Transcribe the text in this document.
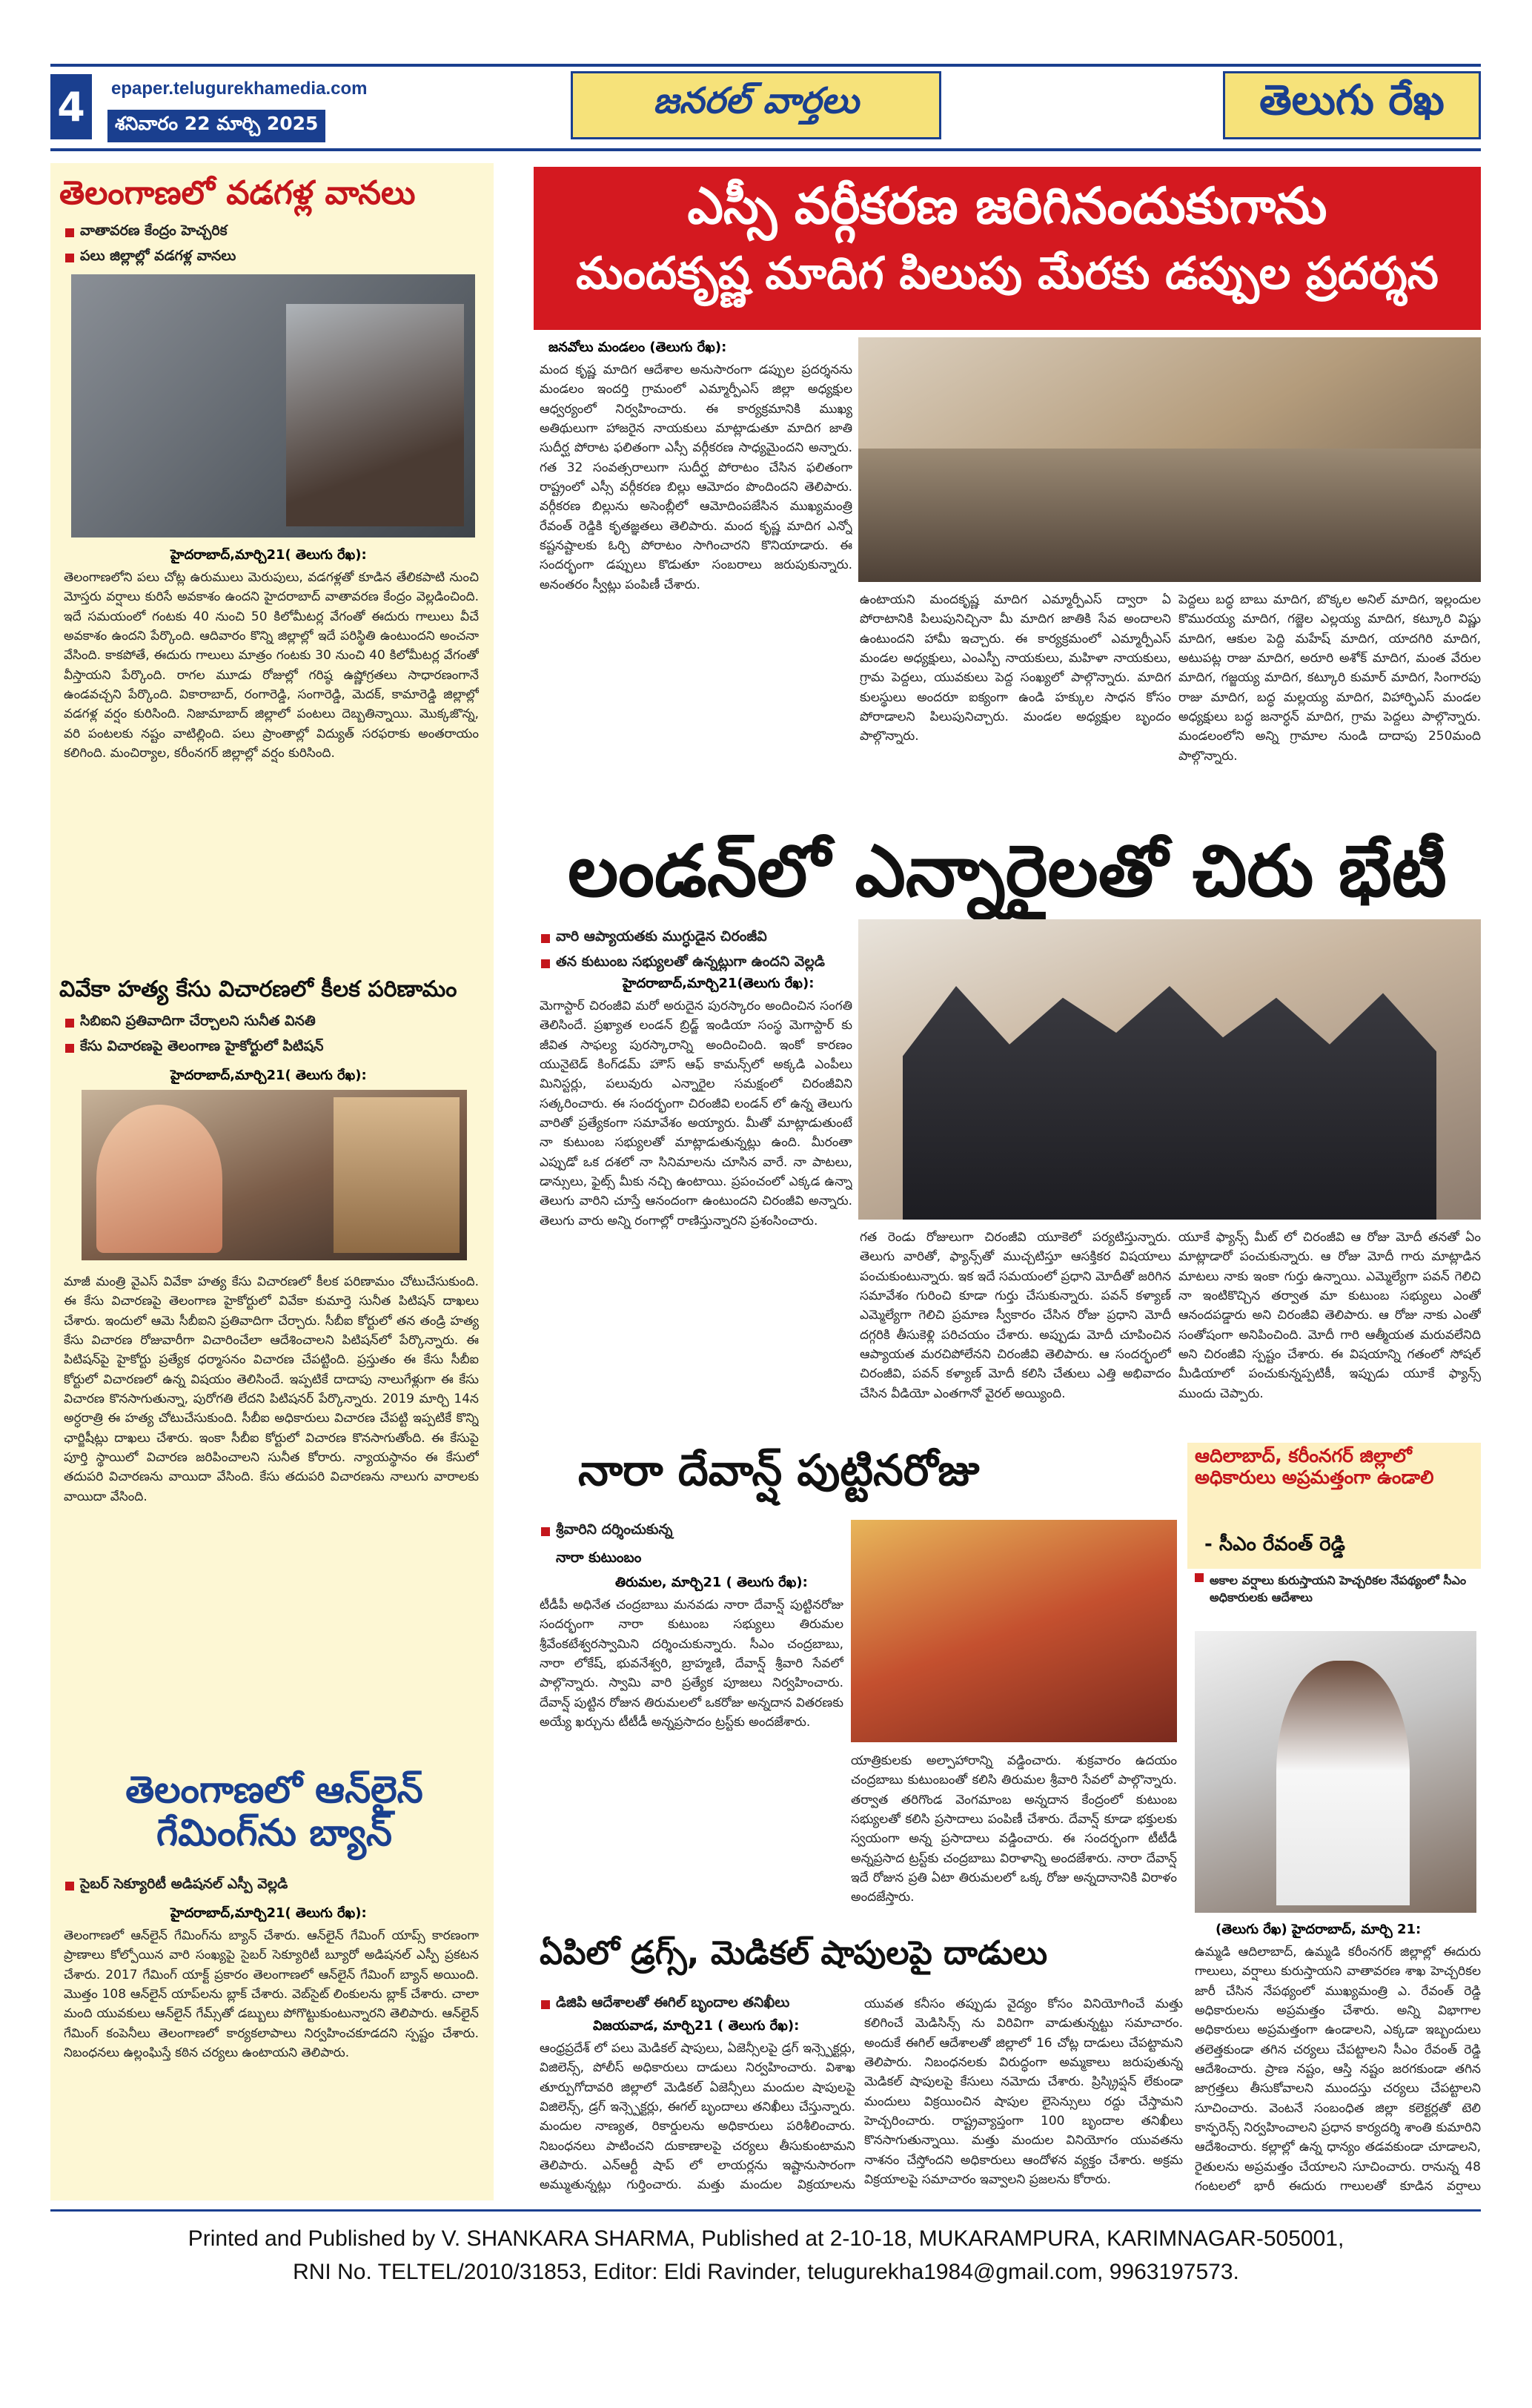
4	epaper.telugurekhamedia.com
శనివారం 22 మార్చి 2025
జనరల్ వార్తలు	తెలుగు రేఖ
తెలంగాణలో వడగళ్ల వానలు
వాతావరణ కేంద్రం హెచ్చరిక
పలు జిల్లాల్లో వడగళ్ల వానలు
హైదరాబాద్,మార్చి21( తెలుగు రేఖ):
తెలంగాణలోని పలు చోట్ల ఉరుములు మెరుపులు, వడగళ్లతో కూడిన తేలికపాటి నుంచి మోస్తరు వర్షాలు కురిసే అవకాశం ఉందని హైదరాబాద్ వాతావరణ కేంద్రం వెల్లడించింది. ఇదే సమయంలో గంటకు 40 నుంచి 50 కిలోమీటర్ల వేగంతో ఈదురు గాలులు వీచే అవకాశం ఉందని పేర్కొంది. ఆదివారం కొన్ని జిల్లాల్లో ఇదే పరిస్థితి ఉంటుందని అంచనా వేసింది. కాకపోతే, ఈదురు గాలులు మాత్రం గంటకు 30 నుంచి 40 కిలోమీటర్ల వేగంతో వీస్తాయని పేర్కొంది. రాగల మూడు రోజుల్లో గరిష్ఠ ఉష్ణోగ్రతలు సాధారణంగానే ఉండవచ్చని పేర్కొంది. వికారాబాద్, రంగారెడ్డి, సంగారెడ్డి, మెదక్, కామారెడ్డి జిల్లాల్లో వడగళ్ల వర్షం కురిసింది. నిజామాబాద్ జిల్లాలో పంటలు దెబ్బతిన్నాయి. మొక్కజొన్న, వరి పంటలకు నష్టం వాటిల్లింది. పలు ప్రాంతాల్లో విద్యుత్ సరఫరాకు అంతరాయం కలిగింది. మంచిర్యాల, కరీంనగర్ జిల్లాల్లో వర్షం కురిసింది.
వివేకా హత్య కేసు విచారణలో కీలక పరిణామం
సిబిఐని ప్రతివాదిగా చేర్చాలని సునీత వినతి
కేసు విచారణపై తెలంగాణ హైకోర్టులో పిటిషన్
హైదరాబాద్,మార్చి21( తెలుగు రేఖ):
మాజీ మంత్రి వైఎస్ వివేకా హత్య కేసు విచారణలో కీలక పరిణామం చోటుచేసుకుంది. ఈ కేసు విచారణపై తెలంగాణ హైకోర్టులో వివేకా కుమార్తె సునీత పిటిషన్ దాఖలు చేశారు. ఇందులో ఆమె సీబీఐని ప్రతివాదిగా చేర్చారు. సీబీఐ కోర్టులో తన తండ్రి హత్య కేసు విచారణ రోజువారీగా విచారించేలా ఆదేశించాలని పిటిషన్‌లో పేర్కొన్నారు. ఈ పిటిషన్‌పై హైకోర్టు ప్రత్యేక ధర్మాసనం విచారణ చేపట్టింది. ప్రస్తుతం ఈ కేసు సీబీఐ కోర్టులో విచారణలో ఉన్న విషయం తెలిసిందే. ఇప్పటికే దాదాపు నాలుగేళ్లుగా ఈ కేసు విచారణ కొనసాగుతున్నా, పురోగతి లేదని పిటిషనర్ పేర్కొన్నారు. 2019 మార్చి 14న అర్ధరాత్రి ఈ హత్య చోటుచేసుకుంది. సీబీఐ అధికారులు విచారణ చేపట్టి ఇప్పటికే కొన్ని ఛార్జిషీట్లు దాఖలు చేశారు. ఇంకా సీబీఐ కోర్టులో విచారణ కొనసాగుతోంది. ఈ కేసుపై పూర్తి స్థాయిలో విచారణ జరిపించాలని సునీత కోరారు. న్యాయస్థానం ఈ కేసులో తదుపరి విచారణను వాయిదా వేసింది. కేసు తదుపరి విచారణను నాలుగు వారాలకు వాయిదా వేసింది.
తెలంగాణలో ఆన్‌లైన్ గేమింగ్‌ను బ్యాన్
సైబర్ సెక్యూరిటీ అడిషనల్ ఎస్పీ వెల్లడి
హైదరాబాద్,మార్చి21( తెలుగు రేఖ):
తెలంగాణలో ఆన్‌లైన్ గేమింగ్‌ను బ్యాన్ చేశారు. ఆన్‌లైన్ గేమింగ్ యాప్స్ కారణంగా ప్రాణాలు కోల్పోయిన వారి సంఖ్యపై సైబర్ సెక్యూరిటీ బ్యూరో అడిషనల్ ఎస్పీ ప్రకటన చేశారు. 2017 గేమింగ్ యాక్ట్ ప్రకారం తెలంగాణలో ఆన్‌లైన్ గేమింగ్ బ్యాన్ అయింది. మొత్తం 108 ఆన్‌లైన్ యాప్‌లను బ్లాక్ చేశారు. వెబ్‌సైట్ లింకులను బ్లాక్ చేశారు. చాలా మంది యువకులు ఆన్‌లైన్ గేమ్స్‌తో డబ్బులు పోగొట్టుకుంటున్నారని తెలిపారు. ఆన్‌లైన్ గేమింగ్ కంపెనీలు తెలంగాణలో కార్యకలాపాలు నిర్వహించకూడదని స్పష్టం చేశారు. నిబంధనలు ఉల్లంఘిస్తే కఠిన చర్యలు ఉంటాయని తెలిపారు.
ఎస్సీ వర్గీకరణ జరిగినందుకుగాను
మందకృష్ణ మాదిగ పిలుపు మేరకు డప్పుల ప్రదర్శన
జనవోలు మండలం (తెలుగు రేఖ):
మంద కృష్ణ మాదిగ ఆదేశాల అనుసారంగా డప్పుల ప్రదర్శనను మండలం ఇందర్తి గ్రామంలో ఎమ్మార్పీఎస్ జిల్లా అధ్యక్షుల ఆధ్వర్యంలో నిర్వహించారు. ఈ కార్యక్రమానికి ముఖ్య అతిథులుగా హాజరైన నాయకులు మాట్లాడుతూ మాదిగ జాతి సుదీర్ఘ పోరాట ఫలితంగా ఎస్సీ వర్గీకరణ సాధ్యమైందని అన్నారు. గత 32 సంవత్సరాలుగా సుదీర్ఘ పోరాటం చేసిన ఫలితంగా రాష్ట్రంలో ఎస్సీ వర్గీకరణ బిల్లు ఆమోదం పొందిందని తెలిపారు. వర్గీకరణ బిల్లును అసెంబ్లీలో ఆమోదింపజేసిన ముఖ్యమంత్రి రేవంత్ రెడ్డికి కృతజ్ఞతలు తెలిపారు. మంద కృష్ణ మాదిగ ఎన్నో కష్టనష్టాలకు ఓర్చి పోరాటం సాగించారని కొనియాడారు. ఈ సందర్భంగా డప్పులు కొడుతూ సంబరాలు జరుపుకున్నారు. అనంతరం స్వీట్లు పంపిణీ చేశారు.
ఉంటాయని మందకృష్ణ మాదిగ ఎమ్మార్పీఎస్ ద్వారా ఏ పోరాటానికి పిలుపునిచ్చినా మీ మాదిగ జాతికి సేవ అందాలని ఉంటుందని హామీ ఇచ్చారు. ఈ కార్యక్రమంలో ఎమ్మార్పీఎస్ మండల అధ్యక్షులు, ఎంఎస్పీ నాయకులు, మహిళా నాయకులు, గ్రామ పెద్దలు, యువకులు పెద్ద సంఖ్యలో పాల్గొన్నారు. మాదిగ కులస్థులు అందరూ ఐక్యంగా ఉండి హక్కుల సాధన కోసం పోరాడాలని పిలుపునిచ్చారు. మండల అధ్యక్షుల బృందం పాల్గొన్నారు.
పెద్దలు బద్ధ బాబు మాదిగ, బొక్కల అనిల్ మాదిగ, ఇల్లందుల కొమురయ్య మాదిగ, గజ్జెల ఎల్లయ్య మాదిగ, కట్కూరి విష్ణు మాదిగ, ఆకుల పెద్ది మహేష్ మాదిగ, యాదగిరి మాదిగ, అటుపట్ల రాజు మాదిగ, అరూరి అశోక్ మాదిగ, మంత వేరుల మాదిగ, గజ్జయ్య మాదిగ, కట్కూరి కుమార్ మాదిగ, సింగారపు రాజు మాదిగ, బద్ధ మల్లయ్య మాదిగ, విహార్ఫిఎస్ మండల అధ్యక్షులు బద్ధ జనార్ధన్ మాదిగ, గ్రామ పెద్దలు పాల్గొన్నారు. మండలంలోని అన్ని గ్రామాల నుండి దాదాపు 250మంది పాల్గొన్నారు.
లండన్‌లో ఎన్నారైలతో చిరు భేటీ
వారి ఆప్యాయతకు ముగ్ధుడైన చిరంజీవి
తన కుటుంబ సభ్యులతో ఉన్నట్లుగా ఉందని వెల్లడి
హైదరాబాద్,మార్చి21(తెలుగు రేఖ):
మెగాస్టార్ చిరంజీవి మరో అరుదైన పురస్కారం అందించిన సంగతి తెలిసిందే. ప్రఖ్యాత లండన్ బ్రిడ్జ్ ఇండియా సంస్థ మెగాస్టార్ కు జీవిత సాఫల్య పురస్కారాన్ని అందించింది. ఇంకో కారణం యునైటెడ్ కింగ్‌డమ్ హౌస్ ఆఫ్ కామన్స్‌లో అక్కడి ఎంపీలు మినిస్టర్లు, పలువురు ఎన్నారైల సమక్షంలో చిరంజీవిని సత్కరించారు. ఈ సందర్భంగా చిరంజీవి లండన్ లో ఉన్న తెలుగు వారితో ప్రత్యేకంగా సమావేశం అయ్యారు. మీతో మాట్లాడుతుంటే నా కుటుంబ సభ్యులతో మాట్లాడుతున్నట్లు ఉంది. మీరంతా ఎప్పుడో ఒక దశలో నా సినిమాలను చూసిన వారే. నా పాటలు, డాన్సులు, ఫైట్స్ మీకు నచ్చి ఉంటాయి. ప్రపంచంలో ఎక్కడ ఉన్నా తెలుగు వారిని చూస్తే ఆనందంగా ఉంటుందని చిరంజీవి అన్నారు. తెలుగు వారు అన్ని రంగాల్లో రాణిస్తున్నారని ప్రశంసించారు.
గత రెండు రోజులుగా చిరంజీవి యూకెలో పర్యటిస్తున్నారు. తెలుగు వారితో, ఫ్యాన్స్‌తో ముచ్చటిస్తూ ఆసక్తికర విషయాలు పంచుకుంటున్నారు. ఇక ఇదే సమయంలో ప్రధాని మోదీతో జరిగిన సమావేశం గురించి కూడా గుర్తు చేసుకున్నారు. పవన్ కళ్యాణ్ ఎమ్మెల్యేగా గెలిచి ప్రమాణ స్వీకారం చేసిన రోజు ప్రధాని మోదీ దగ్గరికి తీసుకెళ్లి పరిచయం చేశారు. అప్పుడు మోదీ చూపించిన ఆప్యాయత మరచిపోలేనని చిరంజీవి తెలిపారు. ఆ సందర్భంలో చిరంజీవి, పవన్ కళ్యాణ్ మోదీ కలిసి చేతులు ఎత్తి అభివాదం చేసిన వీడియో ఎంతగానో వైరల్ అయ్యింది.
యూకే ఫ్యాన్స్ మీట్ లో చిరంజీవి ఆ రోజు మోదీ తనతో ఏం మాట్లాడారో పంచుకున్నారు. ఆ రోజు మోదీ గారు మాట్లాడిన మాటలు నాకు ఇంకా గుర్తు ఉన్నాయి. ఎమ్మెల్యేగా పవన్ గెలిచి నా ఇంటికొచ్చిన తర్వాత మా కుటుంబ సభ్యులు ఎంతో ఆనందపడ్డారు అని చిరంజీవి తెలిపారు. ఆ రోజు నాకు ఎంతో సంతోషంగా అనిపించింది. మోదీ గారి ఆత్మీయత మరువలేనిది అని చిరంజీవి స్పష్టం చేశారు. ఈ విషయాన్ని గతంలో సోషల్ మీడియాలో పంచుకున్నప్పటికీ, ఇప్పుడు యూకే ఫ్యాన్స్ ముందు చెప్పారు.
నారా దేవాన్ష్ పుట్టినరోజు
శ్రీవారిని దర్శించుకున్న
నారా కుటుంబం
తిరుమల, మార్చి21 ( తెలుగు రేఖ):
టీడీపీ అధినేత చంద్రబాబు మనవడు నారా దేవాన్ష్ పుట్టినరోజు సందర్భంగా నారా కుటుంబ సభ్యులు తిరుమల శ్రీవేంకటేశ్వరస్వామిని దర్శించుకున్నారు. సీఎం చంద్రబాబు, నారా లోకేష్, భువనేశ్వరి, బ్రాహ్మణి, దేవాన్ష్ శ్రీవారి సేవలో పాల్గొన్నారు. స్వామి వారి ప్రత్యేక పూజలు నిర్వహించారు. దేవాన్ష్ పుట్టిన రోజున తిరుమలలో ఒకరోజు అన్నదాన వితరణకు అయ్యే ఖర్చును టీటీడీ అన్నప్రసాదం ట్రస్ట్‌కు అందజేశారు.
యాత్రికులకు అల్పాహారాన్ని వడ్డించారు. శుక్రవారం ఉదయం చంద్రబాబు కుటుంబంతో కలిసి తిరుమల శ్రీవారి సేవలో పాల్గొన్నారు. తర్వాత తరిగొండ వెంగమాంబ అన్నదాన కేంద్రంలో కుటుంబ సభ్యులతో కలిసి ప్రసాదాలు పంపిణీ చేశారు. దేవాన్ష్ కూడా భక్తులకు స్వయంగా అన్న ప్రసాదాలు వడ్డించారు. ఈ సందర్భంగా టీటీడీ అన్నప్రసాద ట్రస్ట్‌కు చంద్రబాబు విరాళాన్ని అందజేశారు. నారా దేవాన్ష్ ఇదే రోజున ప్రతి ఏటా తిరుమలలో ఒక్క రోజు అన్నదానానికి విరాళం అందజేస్తారు.
ఆదిలాబాద్, కరీంనగర్ జిల్లాలో అధికారులు అప్రమత్తంగా ఉండాలి
- సీఎం రేవంత్ రెడ్డి
అకాల వర్షాలు కురుస్తాయని హెచ్చరికల నేపథ్యంలో సీఎం అధికారులకు ఆదేశాలు
(తెలుగు రేఖ) హైదరాబాద్, మార్చి 21:
ఉమ్మడి ఆదిలాబాద్, ఉమ్మడి కరీంనగర్ జిల్లాల్లో ఈదురు గాలులు, వర్షాలు కురుస్తాయని వాతావరణ శాఖ హెచ్చరికల జారీ చేసిన నేపథ్యంలో ముఖ్యమంత్రి ఎ. రేవంత్ రెడ్డి అధికారులను అప్రమత్తం చేశారు. అన్ని విభాగాల అధికారులు అప్రమత్తంగా ఉండాలని, ఎక్కడా ఇబ్బందులు తలెత్తకుండా తగిన చర్యలు చేపట్టాలని సీఎం రేవంత్ రెడ్డి ఆదేశించారు. ప్రాణ నష్టం, ఆస్తి నష్టం జరగకుండా తగిన జాగ్రత్తలు తీసుకోవాలని ముందస్తు చర్యలు చేపట్టాలని సూచించారు. వెంటనే సంబంధిత జిల్లా కలెక్టర్లతో టెలి కాన్ఫరెన్స్ నిర్వహించాలని ప్రధాన కార్యదర్శి శాంతి కుమారిని ఆదేశించారు. కల్లాల్లో ఉన్న ధాన్యం తడవకుండా చూడాలని, రైతులను అప్రమత్తం చేయాలని సూచించారు. రానున్న 48 గంటలలో భారీ ఈదురు గాలులతో కూడిన వర్షాలు
ఏపిలో డ్రగ్స్, మెడికల్ షాపులపై దాడులు
డిజిపి ఆదేశాలతో ఈగిల్ బృందాల తనిఖీలు
విజయవాడ, మార్చి21 ( తెలుగు రేఖ):
ఆంధ్రప్రదేశ్ లో పలు మెడికల్ షాపులు, ఏజెన్సీలపై డ్రగ్ ఇన్స్పెక్టర్లు, విజిలెన్స్, పోలీస్ అధికారులు దాడులు నిర్వహించారు. విశాఖ తూర్పుగోదావరి జిల్లాలో మెడికల్ ఏజెన్సీలు మందుల షాపులపై విజిలెన్స్, డ్రగ్ ఇన్స్పెక్టర్లు, ఈగల్ బృందాలు తనిఖీలు చేస్తున్నారు. మందుల నాణ్యత, రికార్డులను అధికారులు పరిశీలించారు. నిబంధనలు పాటించని దుకాణాలపై చర్యలు తీసుకుంటామని తెలిపారు. ఎన్ఆర్టీ షాప్ లో లాయర్లను ఇష్టానుసారంగా అమ్ముతున్నట్లు గుర్తించారు. మత్తు మందుల విక్రయాలను
యువత కనీసం తప్పుడు వైద్యం కోసం వినియోగించే మత్తు కలిగించే మెడిసిన్స్ ను విరివిగా వాడుతున్నట్టు సమాచారం. అందుకే ఈగిల్ ఆదేశాలతో జిల్లాలో 16 చోట్ల దాడులు చేపట్టామని తెలిపారు. నిబంధనలకు విరుద్ధంగా అమ్మకాలు జరుపుతున్న మెడికల్ షాపులపై కేసులు నమోదు చేశారు. ప్రిస్క్రిప్షన్ లేకుండా మందులు విక్రయించిన షాపుల లైసెన్సులు రద్దు చేస్తామని హెచ్చరించారు. రాష్ట్రవ్యాప్తంగా 100 బృందాల తనిఖీలు కొనసాగుతున్నాయి. మత్తు మందుల వినియోగం యువతను నాశనం చేస్తోందని అధికారులు ఆందోళన వ్యక్తం చేశారు. అక్రమ విక్రయాలపై సమాచారం ఇవ్వాలని ప్రజలను కోరారు.
Printed and Published by V. SHANKARA SHARMA, Published at 2-10-18, MUKARAMPURA, KARIMNAGAR-505001,
RNI No. TELTEL/2010/31853, Editor: Eldi Ravinder, telugurekha1984@gmail.com, 9963197573.
